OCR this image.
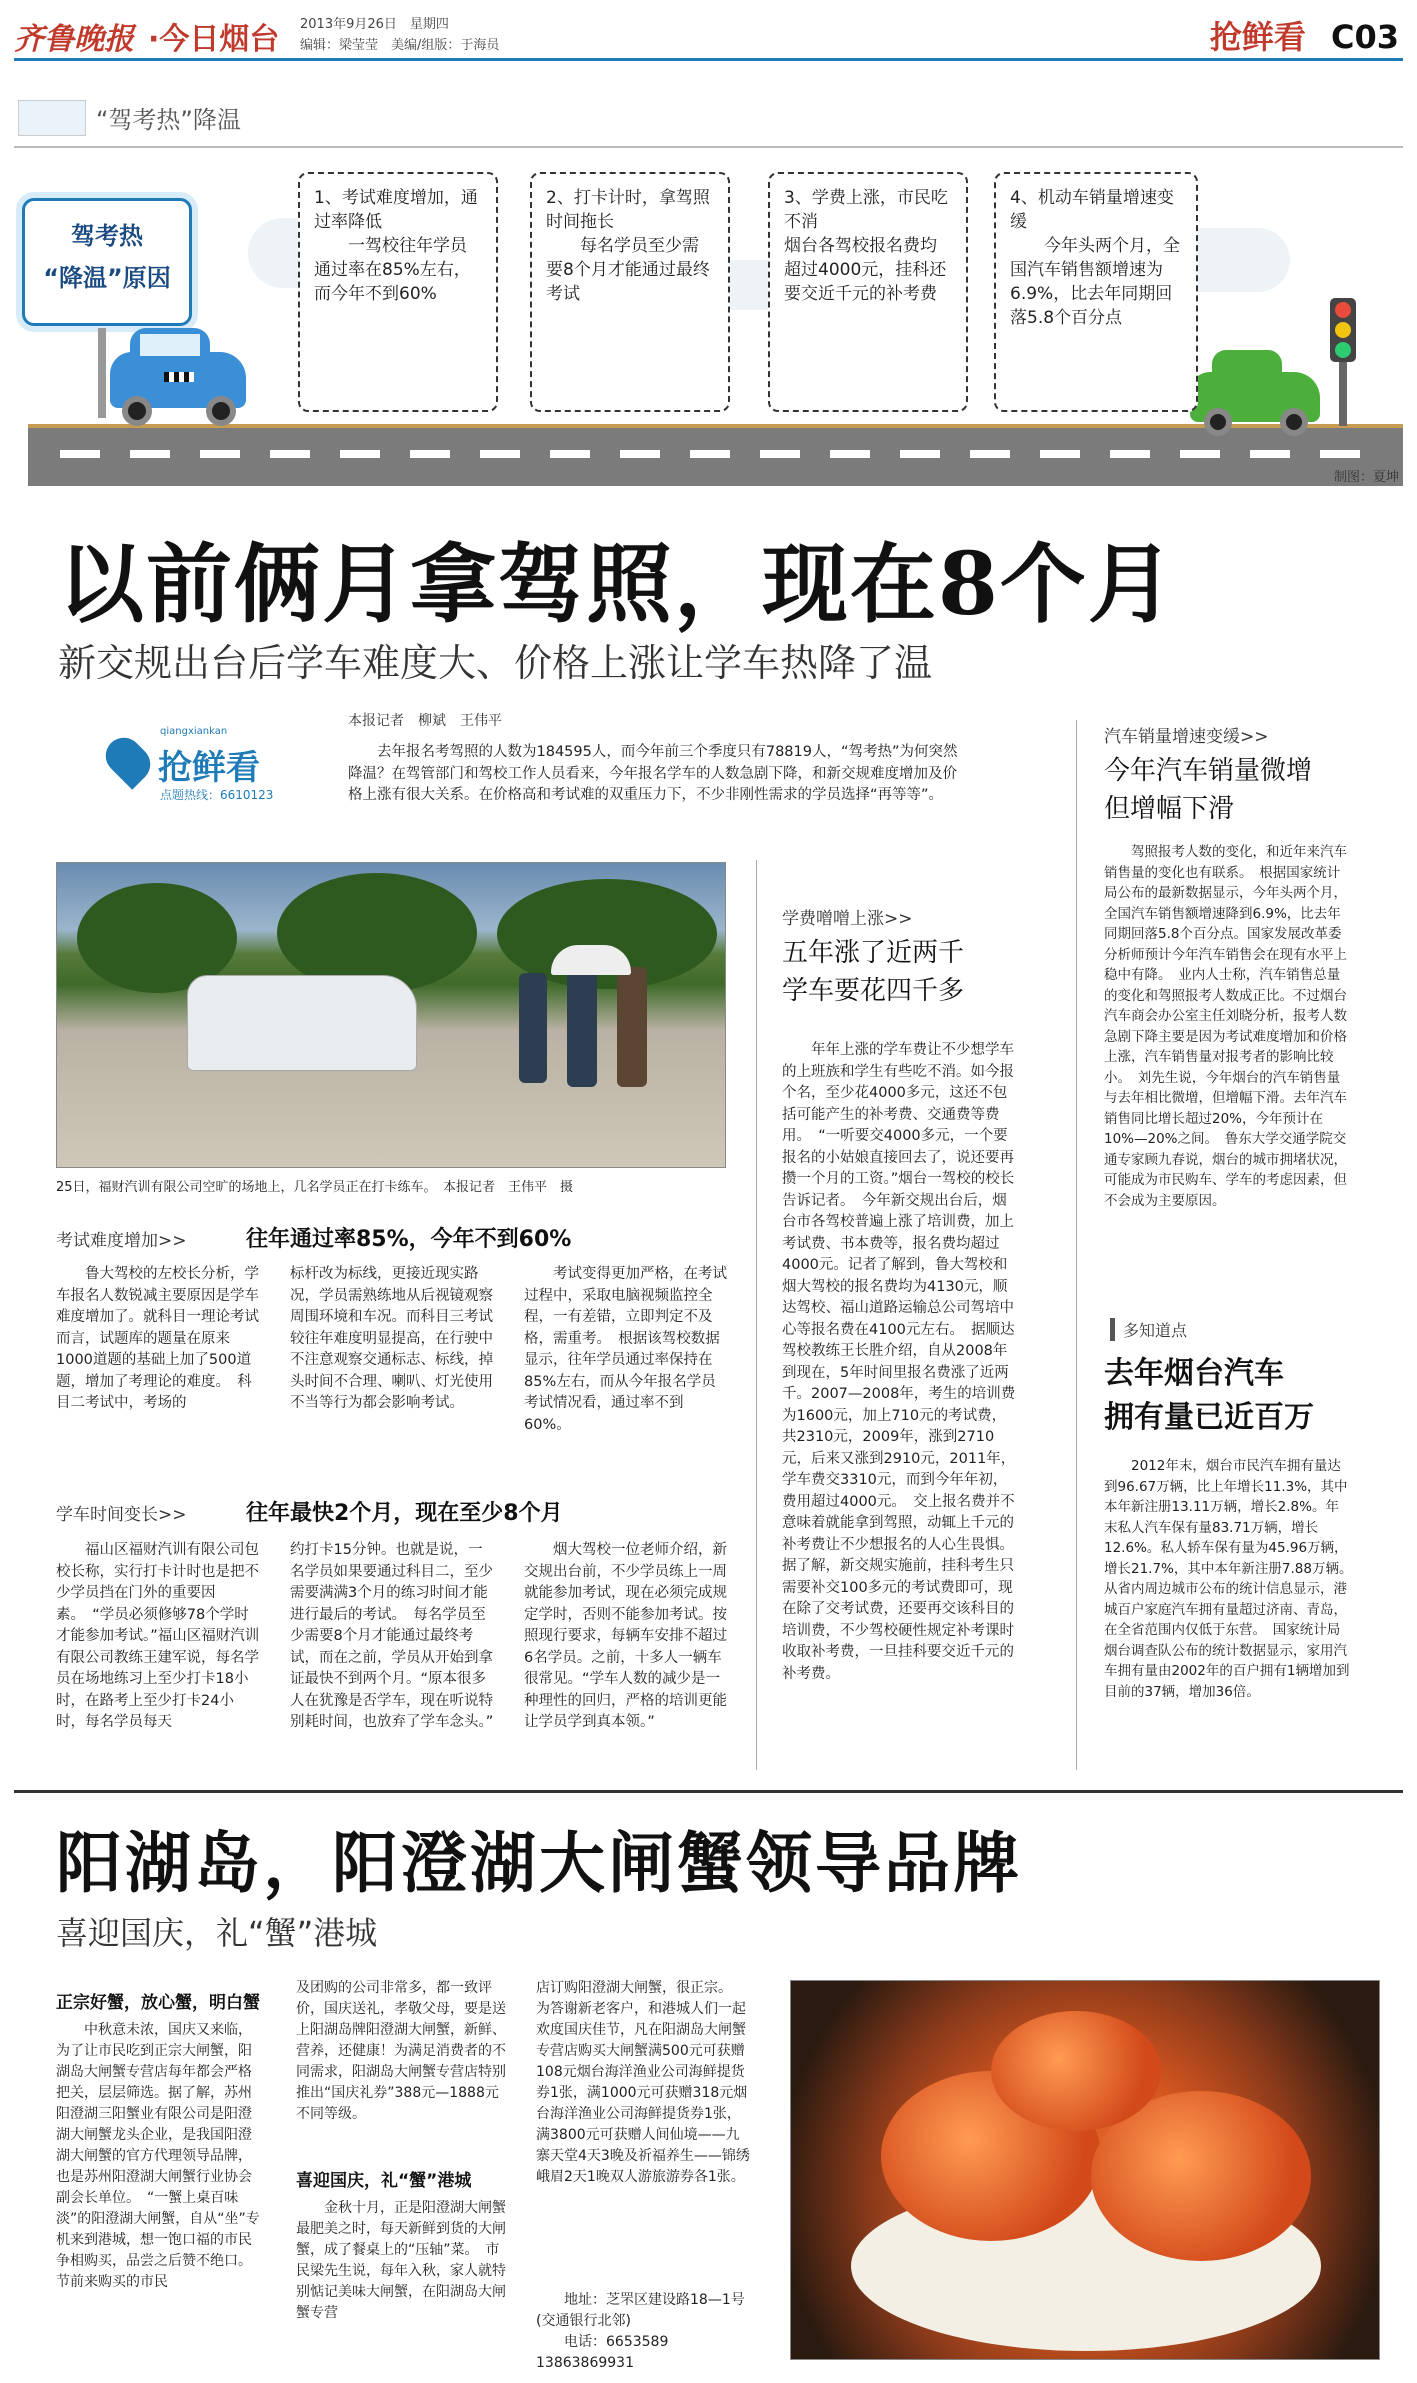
齐鲁晚报 ·今日烟台 2013年9月26日　星期四
编辑：梁莹莹　美编/组版：于海员	抢鲜看 C03
“驾考热”降温
驾考热
“降温”原因

1、考试难度增加，通过率降低

一驾校往年学员通过率在85%左右，而今年不到60%

2、打卡计时，拿驾照时间拖长

每名学员至少需要8个月才能通过最终考试

3、学费上涨，市民吃不消

烟台各驾校报名费均超过4000元，挂科还要交近千元的补考费

4、机动车销量增速变缓

今年头两个月，全国汽车销售额增速为6.9%，比去年同期回落5.8个百分点

制图：夏坤
以前俩月拿驾照，现在8个月
新交规出台后学车难度大、价格上涨让学车热降了温
qiangxiankan
抢鲜看
点题热线：6610123
本报记者　柳斌　王伟平

去年报名考驾照的人数为184595人，而今年前三个季度只有78819人，“驾考热”为何突然降温？在驾管部门和驾校工作人员看来，今年报名学车的人数急剧下降，和新交规难度增加及价格上涨有很大关系。在价格高和考试难的双重压力下，不少非刚性需求的学员选择“再等等”。

25日，福财汽训有限公司空旷的场地上，几名学员正在打卡练车。　本报记者　王伟平　摄
考试难度增加>>	往年通过率85%，今年不到60%

鲁大驾校的左校长分析，学车报名人数锐减主要原因是学车难度增加了。就科目一理论考试而言，试题库的题量在原来1000道题的基础上加了500道题，增加了考理论的难度。　科目二考试中，考场的

标杆改为标线，更接近现实路况，学员需熟练地从后视镜观察周围环境和车况。而科目三考试较往年难度明显提高，在行驶中不注意观察交通标志、标线，掉头时间不合理、喇叭、灯光使用不当等行为都会影响考试。

考试变得更加严格，在考试过程中，采取电脑视频监控全程，一有差错，立即判定不及格，需重考。　根据该驾校数据显示，往年学员通过率保持在85%左右，而从今年报名学员考试情况看，通过率不到60%。

学车时间变长>>	往年最快2个月，现在至少8个月

福山区福财汽训有限公司包校长称，实行打卡计时也是把不少学员挡在门外的重要因素。　“学员必须修够78个学时才能参加考试。”福山区福财汽训有限公司教练王建军说，每名学员在场地练习上至少打卡18小时，在路考上至少打卡24小时，每名学员每天

约打卡15分钟。也就是说，一名学员如果要通过科目二，至少需要满满3个月的练习时间才能进行最后的考试。　每名学员至少需要8个月才能通过最终考试，而在之前，学员从开始到拿证最快不到两个月。“原本很多人在犹豫是否学车，现在听说特别耗时间，也放弃了学车念头。”

烟大驾校一位老师介绍，新交规出台前，不少学员练上一周就能参加考试，现在必须完成规定学时，否则不能参加考试。按照现行要求，每辆车安排不超过6名学员。之前，十多人一辆车很常见。“学车人数的减少是一种理性的回归，严格的培训更能让学员学到真本领。”

学费噌噌上涨>>
五年涨了近两千
学车要花四千多

年年上涨的学车费让不少想学车的上班族和学生有些吃不消。如今报个名，至少花4000多元，这还不包括可能产生的补考费、交通费等费用。　“一听要交4000多元，一个要报名的小姑娘直接回去了，说还要再攒一个月的工资。”烟台一驾校的校长告诉记者。　今年新交规出台后，烟台市各驾校普遍上涨了培训费，加上考试费、书本费等，报名费均超过4000元。记者了解到，鲁大驾校和烟大驾校的报名费均为4130元，顺达驾校、福山道路运输总公司驾培中心等报名费在4100元左右。　据顺达驾校教练王长胜介绍，自从2008年到现在，5年时间里报名费涨了近两千。2007—2008年，考生的培训费为1600元，加上710元的考试费，共2310元，2009年，涨到2710元，后来又涨到2910元，2011年，学车费交3310元，而到今年年初，费用超过4000元。　交上报名费并不意味着就能拿到驾照，动辄上千元的补考费让不少想报名的人心生畏惧。据了解，新交规实施前，挂科考生只需要补交100多元的考试费即可，现在除了交考试费，还要再交该科目的培训费，不少驾校硬性规定补考课时收取补考费，一旦挂科要交近千元的补考费。

汽车销量增速变缓>>
今年汽车销量微增
但增幅下滑

驾照报考人数的变化，和近年来汽车销售量的变化也有联系。　根据国家统计局公布的最新数据显示，今年头两个月，全国汽车销售额增速降到6.9%，比去年同期回落5.8个百分点。国家发展改革委分析师预计今年汽车销售会在现有水平上稳中有降。　业内人士称，汽车销售总量的变化和驾照报考人数成正比。不过烟台汽车商会办公室主任刘晓分析，报考人数急剧下降主要是因为考试难度增加和价格上涨，汽车销售量对报考者的影响比较小。　刘先生说，今年烟台的汽车销售量与去年相比微增，但增幅下滑。去年汽车销售同比增长超过20%，今年预计在10%—20%之间。　鲁东大学交通学院交通专家顾九春说，烟台的城市拥堵状况，可能成为市民购车、学车的考虑因素，但不会成为主要原因。

多知道点
去年烟台汽车
拥有量已近百万

2012年末，烟台市民汽车拥有量达到96.67万辆，比上年增长11.3%，其中本年新注册13.11万辆，增长2.8%。年末私人汽车保有量83.71万辆，增长12.6%。私人轿车保有量为45.96万辆，增长21.7%，其中本年新注册7.88万辆。　从省内周边城市公布的统计信息显示，港城百户家庭汽车拥有量超过济南、青岛，在全省范围内仅低于东营。　国家统计局烟台调查队公布的统计数据显示，家用汽车拥有量由2002年的百户拥有1辆增加到目前的37辆，增加36倍。

阳湖岛，阳澄湖大闸蟹领导品牌
喜迎国庆，礼“蟹”港城
正宗好蟹，放心蟹，明白蟹

中秋意未浓，国庆又来临，为了让市民吃到正宗大闸蟹，阳湖岛大闸蟹专营店每年都会严格把关，层层筛选。据了解，苏州阳澄湖三阳蟹业有限公司是阳澄湖大闸蟹龙头企业，是我国阳澄湖大闸蟹的官方代理领导品牌，也是苏州阳澄湖大闸蟹行业协会副会长单位。　“一蟹上桌百味淡”的阳澄湖大闸蟹，自从“坐”专机来到港城，想一饱口福的市民争相购买，品尝之后赞不绝口。节前来购买的市民

及团购的公司非常多，都一致评价，国庆送礼，孝敬父母，要是送上阳湖岛牌阳澄湖大闸蟹，新鲜、营养，还健康！为满足消费者的不同需求，阳湖岛大闸蟹专营店特别推出“国庆礼券”388元—1888元不同等级。

喜迎国庆，礼“蟹”港城

金秋十月，正是阳澄湖大闸蟹最肥美之时，每天新鲜到货的大闸蟹，成了餐桌上的“压轴”菜。　市民梁先生说，每年入秋，家人就特别惦记美味大闸蟹，在阳湖岛大闸蟹专营

店订购阳澄湖大闸蟹，很正宗。　为答谢新老客户，和港城人们一起欢度国庆佳节，凡在阳湖岛大闸蟹专营店购买大闸蟹满500元可获赠108元烟台海洋渔业公司海鲜提货券1张，满1000元可获赠318元烟台海洋渔业公司海鲜提货券1张，满3800元可获赠人间仙境——九寨天堂4天3晚及祈福养生——锦绣峨眉2天1晚双人游旅游券各1张。

地址：芝罘区建设路18—1号(交通银行北邻)

电话：6653589　13863869931
